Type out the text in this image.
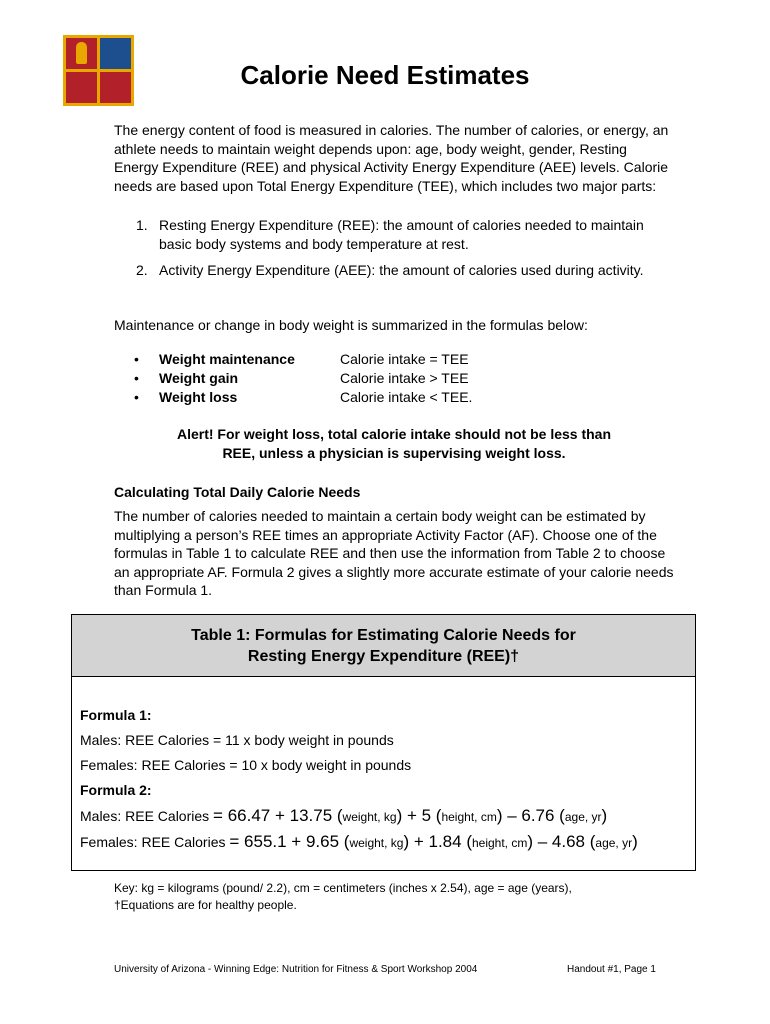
Calorie Need Estimates
The energy content of food is measured in calories. The number of calories, or energy, an athlete needs to maintain weight depends upon: age, body weight, gender, Resting Energy Expenditure (REE) and physical Activity Energy Expenditure (AEE) levels. Calorie needs are based upon Total Energy Expenditure (TEE), which includes two major parts:
1. Resting Energy Expenditure (REE): the amount of calories needed to maintain basic body systems and body temperature at rest.
2. Activity Energy Expenditure (AEE): the amount of calories used during activity.
Maintenance or change in body weight is summarized in the formulas below:
• Weight maintenance	Calorie intake = TEE
• Weight gain	Calorie intake > TEE
• Weight loss	Calorie intake < TEE.
Alert! For weight loss, total calorie intake should not be less than
REE, unless a physician is supervising weight loss.
Calculating Total Daily Calorie Needs
The number of calories needed to maintain a certain body weight can be estimated by multiplying a person’s REE times an appropriate Activity Factor (AF). Choose one of the formulas in Table 1 to calculate REE and then use the information from Table 2 to choose an appropriate AF. Formula 2 gives a slightly more accurate estimate of your calorie needs than Formula 1.
Table 1: Formulas for Estimating Calorie Needs for
Resting Energy Expenditure (REE)†
Formula 1:
Males: REE Calories = 11 x body weight in pounds
Females: REE Calories = 10 x body weight in pounds
Formula 2:
Males: REE Calories = 66.47 + 13.75 (weight, kg) + 5 (height, cm) – 6.76 (age, yr)
Females: REE Calories = 655.1 + 9.65 (weight, kg) + 1.84 (height, cm) – 4.68 (age, yr)
Key: kg = kilograms (pound/ 2.2), cm = centimeters (inches x 2.54), age = age (years),
†Equations are for healthy people.
University of Arizona - Winning Edge: Nutrition for Fitness & Sport Workshop 2004	Handout #1, Page 1
